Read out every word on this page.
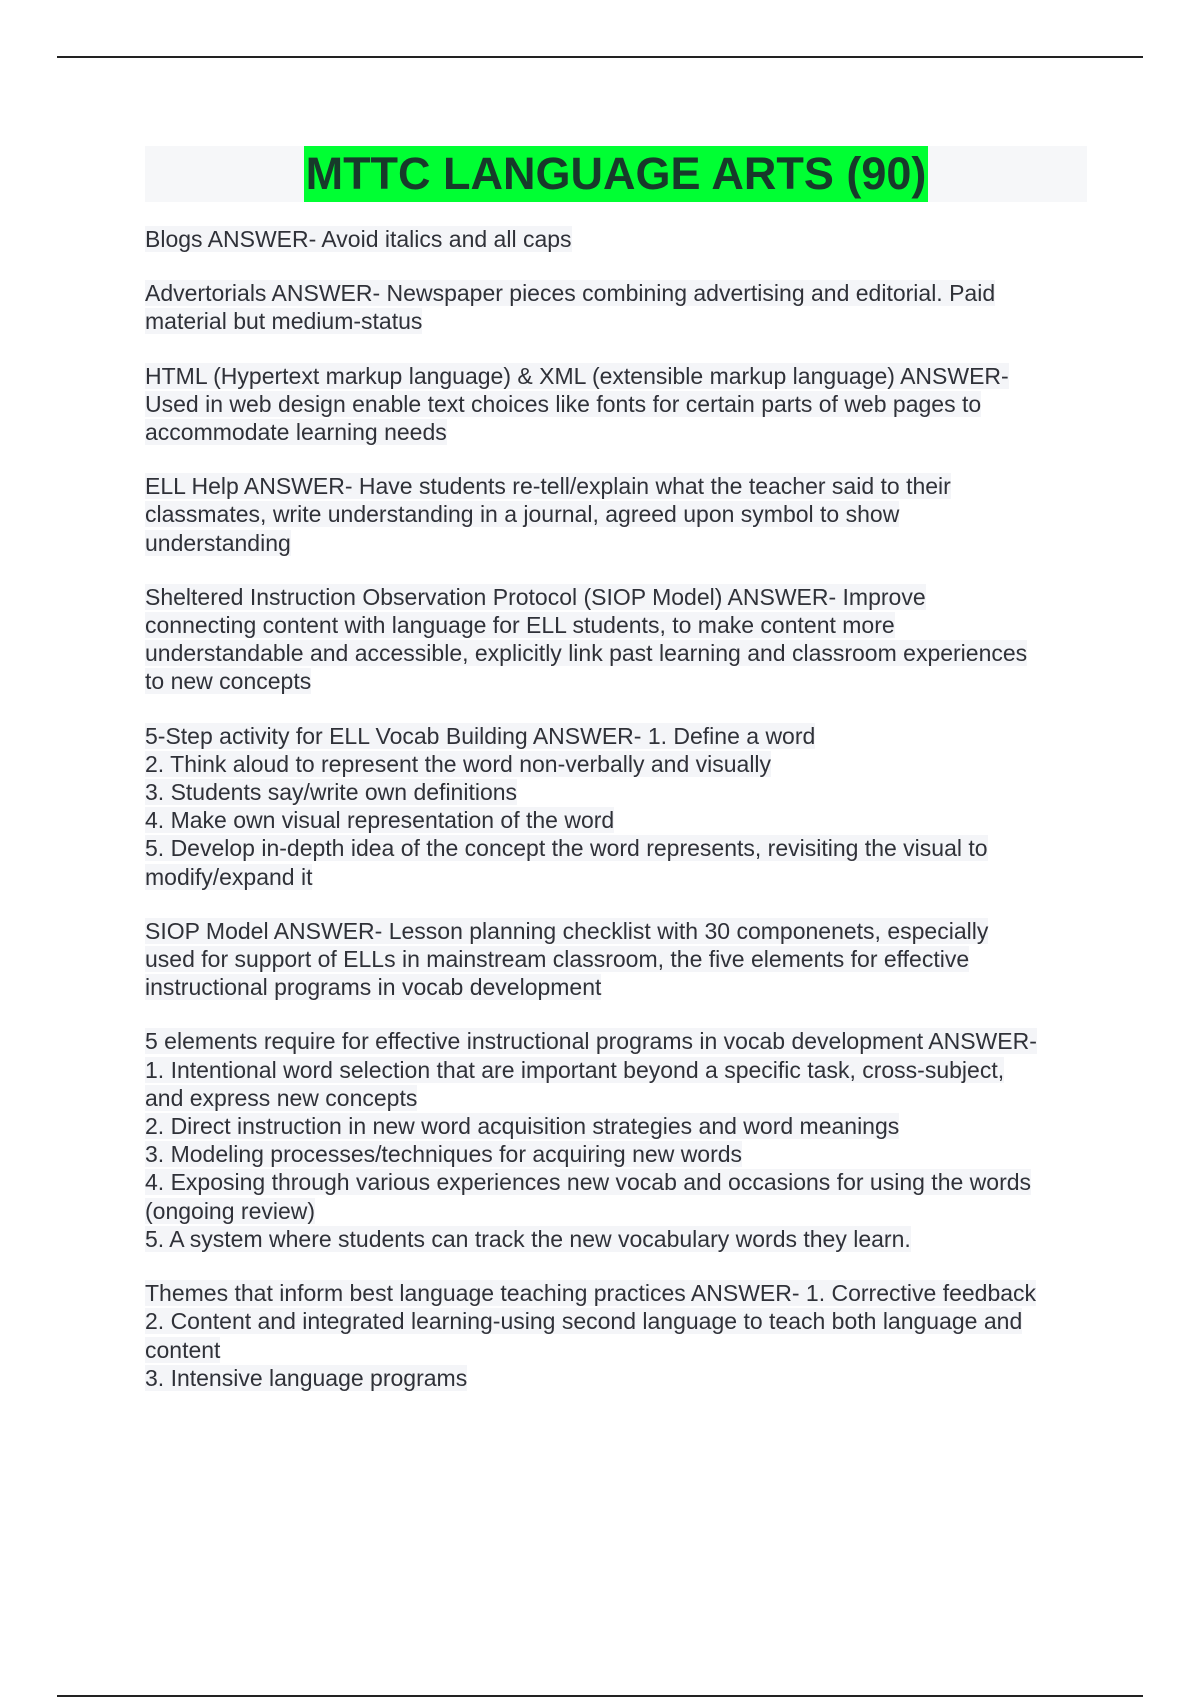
MTTC LANGUAGE ARTS (90)
Blogs ANSWER- Avoid italics and all caps
Advertorials ANSWER- Newspaper pieces combining advertising and editorial. Paid
material but medium-status
HTML (Hypertext markup language) & XML (extensible markup language) ANSWER-
Used in web design enable text choices like fonts for certain parts of web pages to
accommodate learning needs
ELL Help ANSWER- Have students re-tell/explain what the teacher said to their
classmates, write understanding in a journal, agreed upon symbol to show
understanding
Sheltered Instruction Observation Protocol (SIOP Model) ANSWER- Improve
connecting content with language for ELL students, to make content more
understandable and accessible, explicitly link past learning and classroom experiences
to new concepts
5-Step activity for ELL Vocab Building ANSWER- 1. Define a word
2. Think aloud to represent the word non-verbally and visually
3. Students say/write own definitions
4. Make own visual representation of the word
5. Develop in-depth idea of the concept the word represents, revisiting the visual to
modify/expand it
SIOP Model ANSWER- Lesson planning checklist with 30 componenets, especially
used for support of ELLs in mainstream classroom, the five elements for effective
instructional programs in vocab development
5 elements require for effective instructional programs in vocab development ANSWER-
1. Intentional word selection that are important beyond a specific task, cross-subject,
and express new concepts
2. Direct instruction in new word acquisition strategies and word meanings
3. Modeling processes/techniques for acquiring new words
4. Exposing through various experiences new vocab and occasions for using the words
(ongoing review)
5. A system where students can track the new vocabulary words they learn.
Themes that inform best language teaching practices ANSWER- 1. Corrective feedback
2. Content and integrated learning-using second language to teach both language and
content
3. Intensive language programs
